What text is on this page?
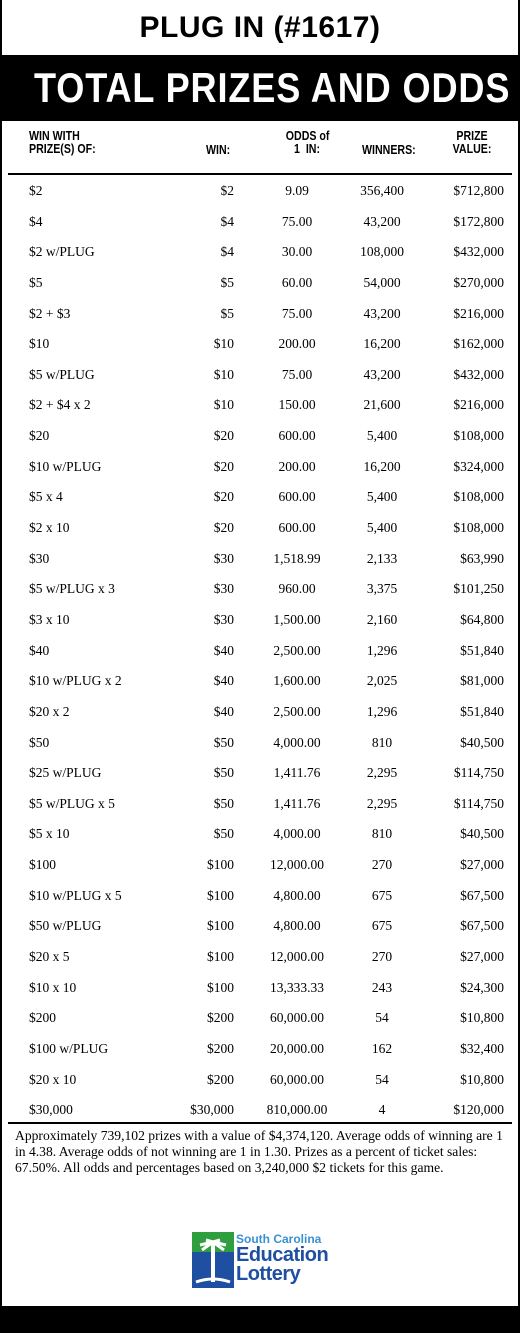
PLUG IN (#1617)
TOTAL PRIZES AND ODDS
WIN WITH
PRIZE(S) OF:	WIN:
ODDS of
1  IN:	WINNERS:
PRIZE
VALUE:
$2	$2	9.09	356,400	$712,800
$4	$4	75.00	43,200	$172,800
$2 w/PLUG	$4	30.00	108,000	$432,000
$5	$5	60.00	54,000	$270,000
$2 + $3	$5	75.00	43,200	$216,000
$10	$10	200.00	16,200	$162,000
$5 w/PLUG	$10	75.00	43,200	$432,000
$2 + $4 x 2	$10	150.00	21,600	$216,000
$20	$20	600.00	5,400	$108,000
$10 w/PLUG	$20	200.00	16,200	$324,000
$5 x 4	$20	600.00	5,400	$108,000
$2 x 10	$20	600.00	5,400	$108,000
$30	$30	1,518.99	2,133	$63,990
$5 w/PLUG x 3	$30	960.00	3,375	$101,250
$3 x 10	$30	1,500.00	2,160	$64,800
$40	$40	2,500.00	1,296	$51,840
$10 w/PLUG x 2	$40	1,600.00	2,025	$81,000
$20 x 2	$40	2,500.00	1,296	$51,840
$50	$50	4,000.00	810	$40,500
$25 w/PLUG	$50	1,411.76	2,295	$114,750
$5 w/PLUG x 5	$50	1,411.76	2,295	$114,750
$5 x 10	$50	4,000.00	810	$40,500
$100	$100	12,000.00	270	$27,000
$10 w/PLUG x 5	$100	4,800.00	675	$67,500
$50 w/PLUG	$100	4,800.00	675	$67,500
$20 x 5	$100	12,000.00	270	$27,000
$10 x 10	$100	13,333.33	243	$24,300
$200	$200	60,000.00	54	$10,800
$100 w/PLUG	$200	20,000.00	162	$32,400
$20 x 10	$200	60,000.00	54	$10,800
$30,000	$30,000	810,000.00	4	$120,000
Approximately 739,102 prizes with a value of $4,374,120. Average odds of winning are 1 in 4.38. Average odds of not winning are 1 in 1.30. Prizes as a percent of ticket sales: 67.50%. All odds and percentages based on 3,240,000 $2 tickets for this game.
South Carolina
Education
Lottery
